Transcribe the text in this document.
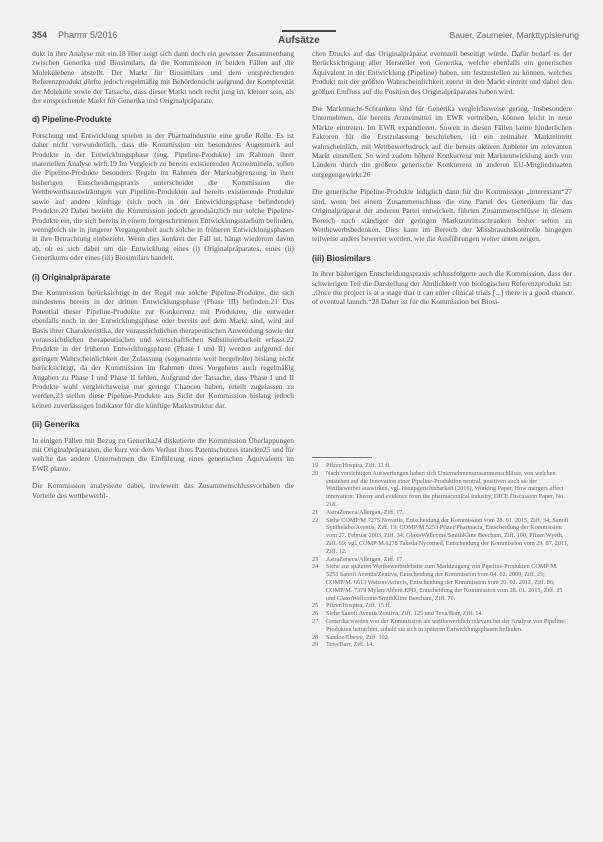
354 Pharmr 5/2016	Aufsätze	Bauer, Zaumeier, Markttypisierung

dukt in ihre Analyse mit ein.18 Hier zeigt sich dann doch ein gewisser Zusammenhang zwischen Generika und Biosimilars, da die Kommission in beiden Fällen auf die Molekülebene abstellt. Der Markt für Biosimilars und dem entsprechenden Referenzprodukt dürfte jedoch regelmäßig mit Behördensicht aufgrund der Komplexität der Moleküle sowie der Tatsache, dass dieser Markt noch recht jung ist, kleiner sein, als der entsprechende Markt für Generika und Originalpräparate.

d) Pipeline-Produkte

Forschung und Entwicklung spielen in der Pharmaindustrie eine große Rolle. Es ist daher nicht verwunderlich, dass die Kommission ein besonderes Augenmerk auf Produkte in der Entwicklungsphase (sog. Pipeline-Produkte) im Rahmen ihrer materiellen Analyse wirft.19 Im Vergleich zu bereits existierenden Arzneimitteln, sollen die Pipeline-Produkte besonders Regeln im Rahmen der Marktabgrenzung in ihrer bisherigen Entscheidungspraxis unterscheidet die Kommission die Wettbewerbsauswirkungen von Pipeline-Produkten auf bereits existierende Produkte sowie auf andere künftige (sich noch in der Entwicklungsphase befindende) Produkte.20 Dabei bezieht die Kommission jedoch grundsätzlich nur solche Pipeline-Produkte ein, die sich bereits in einem fortgeschrittenen Entwicklungsstadium befinden, wenngleich sie in jüngerer Vergangenheit auch solche in früheren Entwicklungsphasen in ihre Betrachtung einbezieht. Wenn dies konkret der Fall ist, hängt wiederum davon ab, ob es sich dabei um die Entwicklung eines (i) Originalpräparates, eines (ii) Generikums oder eines (iii) Biosimilars handelt.

(i) Originalpräparate

Die Kommission berücksichtigt in der Regel nur solche Pipeline-Produkte, die sich mindestens bereits in der dritten Entwicklungsphase (Phase III) befinden.21 Das Potential dieser Pipeline-Produkte zur Konkurrenz mit Produkten, die entweder ebenfalls noch in der Entwicklungsphase oder bereits auf dem Markt sind, wird auf Basis ihrer Charakteristika, der voraussichtlichen therapeutischen Anwendung sowie der voraussichtlichen therapeutischen und wirtschaftlichen Substituierbarkeit erfasst.22 Produkte in der früheren Entwicklungsphase (Phase I und II) werden aufgrund der geringen Wahrscheinlichkeit der Zulassung (sogenannte weit hergeholte) bislang nicht berücksichtigt, da der Kommission im Rahmen ihres Vorgehens auch regelmäßig Angaben zu Phase I und Phase II fehlen. Aufgrund der Tatsache, dass Phase I und II Produkte wohl vergleichsweise nur geringe Chancen haben, erteilt zugelassen zu werden,23 stellen diese Pipeline-Produkte aus Sicht der Kommission bislang jedoch keinen zuverlässigen Indikator für die künftige Marktstruktur dar.

(ii) Generika

In einigen Fällen mit Bezug zu Generika24 diskutierte die Kommission Überlappungen mit Originalpräparaten, die kurz vor dem Verlust ihres Patentschutzes standen25 und für welche das andere Unternehmen die Einführung eines generischen Äquivalents im EWR plante.

Die Kommission analysierte dabei, inwieweit das Zusammenschlussvorhaben die Vorteile des wettbewerbl-

chen Drucks auf das Originalpräparat eventuell beseitigt würde. Dafür bedarf es der Berücksichtigung aller Hersteller von Generika, welche ebenfalls ein generisches Äquivalent in der Entwicklung (Pipeline) haben, um festzustellen zu können, welches Produkt mit der größten Wahrscheinlichkeit zuerst in den Markt eintritt und dabei den größten Einfluss auf die Position des Originalpräparates haben wird.

Die Marktmacht-Schranken sind für Generika vergleichsweise gering. Insbesondere Unternehmen, die bereits Arzneimittel im EWR vertreiben, können leicht in neue Märkte eintreten. Im EWR expandieren. Soweit in diesen Fällen keine hinderlichen Faktoren für die Erstzulassung beschrieben, ist ein zeitnaher Markteintritt wahrscheinlich, mit Wettbewerbsdruck auf die bereits aktiven Anbieter im relevanten Markt einstellen. So wird zudem höhere Konkurrenz mit Marktentwicklung auch von Ländern durch die größere generische Konkurrenz in anderen EU-Mitgliedstaaten entgegengewirkt.26

Die generische Pipeline-Produkte lediglich dann für die Kommission „interessant“27 sind, wenn bei einem Zusammenschluss die eine Partei des Generikum für das Originalpräparat der anderen Partei entwickelt, führten Zusammenschlüsse in diesem Bereich nach ständiger der geringen Marktzutrittsschranken bisher selten zu Wettbewerbsbedenken. Dies kann im Bereich der Missbrauchskontrolle hingegen teilweise anders bewertet werden, wie die Ausführungen weiter unten zeigen.

(iii) Biosimilars

In ihrer bisherigen Entscheidungspraxis schlussfolgerte auch die Kommission, dass der schwierigen Teil die Darstellung der Ähnlichkeit von biologischen Referenzprodukt ist: „Once the project is at a stage that it can enter clinical trials [...] there is a good chance of eventual launch.“28 Daher ist für die Kommission bei Biosi-

19	Pfizer/Hospira, Ziff. 11 ff.
20	Nach vorsichtigen Auswertungen haben sich Unternehmenszusammenschlüsse, von welchen entstehen auf die Innovation einer Pipeline-Produktion neutral, positiven auch sie der Wettbewerber auswirken, vgl. Hautpgerichtsbarkeit (2016), Working Paper, How mergers affect innovation: Theory and evidence from the pharmaceutical industry, DICE Discussion Paper, No. 218.
21	AstraZeneca/Allergan, Ziff. 17.
22	Siehe COMP/M.7275 Novartis, Entscheidung der Kommission vom 28. 01. 2015, Ziff. 34; Sanofi Synthelabo/Aventis, Ziff. 19; COMP/M.5253 Pfizer/Pharmacia, Entscheidung der Kommission vom 27. Februar 2003, Ziff. 34; GlaxoWellcome/SmithKline Beecham, Ziff. 100; Pfizer/Wyeth, Ziff. 69; vgl. COMP/M.6278 Takeda/Nycomed, Entscheidung der Kommission vom 29. 07. 2011, Ziff. 12.
23	AstraZeneca/Allergan, Ziff. 17.
24	Siehe zur späteren Wettbewerbsdebatte zum Marktzugang von Pipeline-Produkten COMP/M. 5253 Sanofi Aventis/Zentiva, Entscheidung der Kommission vom 04. 02. 2009, Ziff. 25; COMP/M. 6613 Watson/Actavis, Entscheidung der Kommission vom 20. 02. 2012, Ziff. 86; COMP/M. 7379 Mylan/Abbott EPD, Entscheidung der Kommission vom 28. 01. 2015, Ziff. 25 und GlaxoWellcome/SmithKline Beecham, Ziff. 70.
25	Pfizer/Hospira, Ziff. 15 ff.
26	Siehe Sanofi Aventis/Zentiva, Ziff. 125 und Teva/Barr, Ziff. 14.
27	Generika werden von der Kommission als wettbewerblich relevant bei der Analyse von Pipeline-Produkten betrachtet, sobald sie sich in späteren Entwicklungsphasen befinden.
28	Sandoz/Ebewe, Ziff. 102.
29	Teva/Barr, Ziff. 14.
